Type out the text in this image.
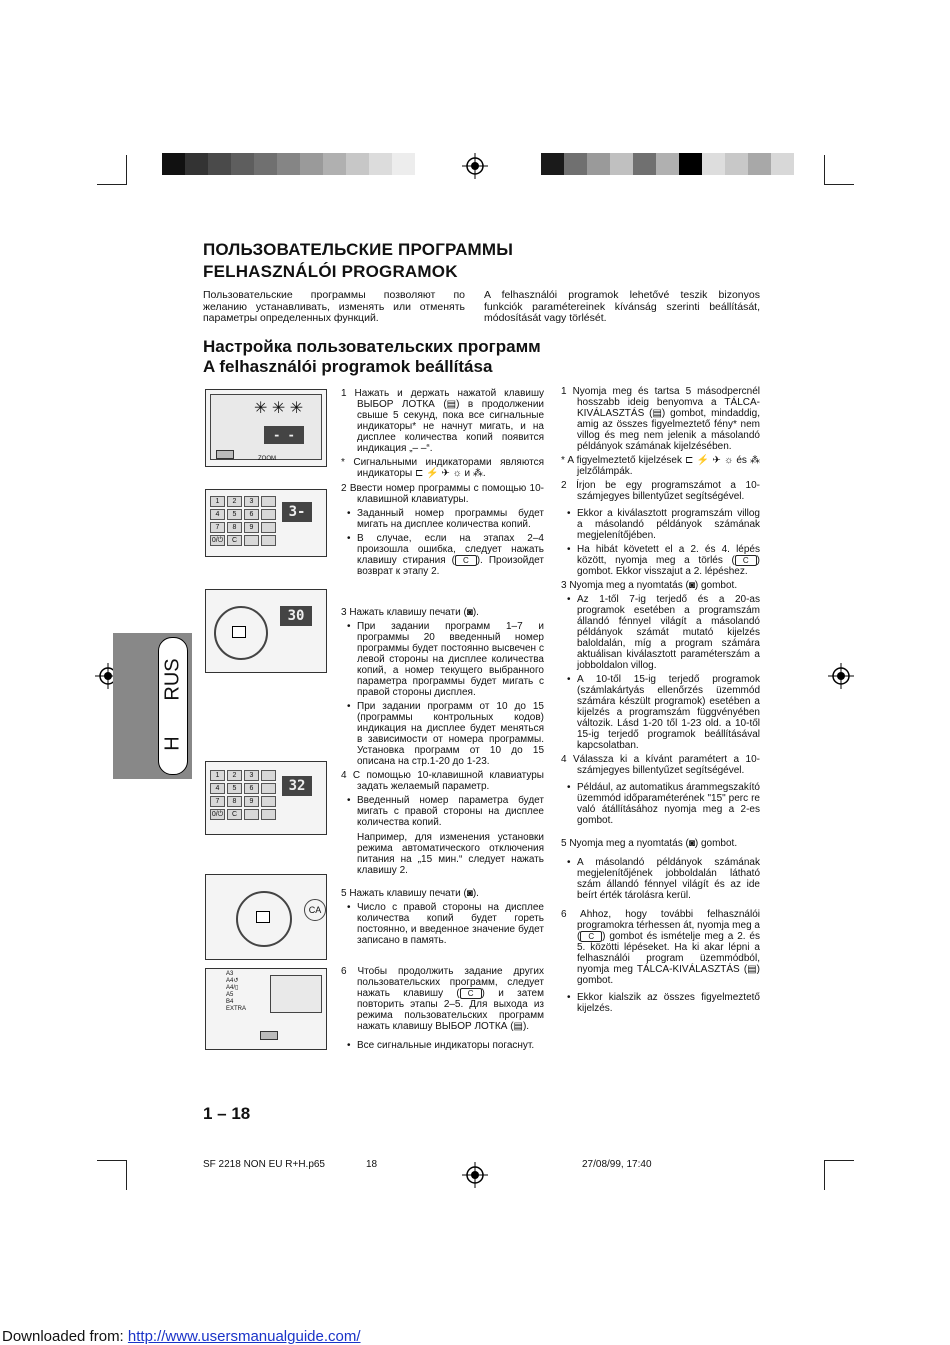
ПОЛЬЗОВАТЕЛЬСКИЕ ПРОГРАММЫ
FELHASZNÁLÓI PROGRAMOK
Пользовательские программы позволяют по желанию устанавливать, изменять или отменять параметры определенных функций.
A felhasználói programok lehetővé teszik bizonyos funkciók paramétereinek kívánság szerinti beállítását, módosítását vagy törlését.
Настройка пользовательских программ
A felhasználói programok beállítása
RUS
H
✳ ✳ ✳
- -
ZOOM
1	2	3
4	5	6
7	8	9
0/⏻	C
3-
30
1	2	3
4	5	6
7	8	9
0/⏻	C
32
CA
A3
A4↺
A4/▯
A5
B4
EXTRA

1 Нажать и держать нажатой клавишу ВЫБОР ЛОТКА (▤) в продолжении свыше 5 секунд, пока все сигнальные индикаторы* не начнут мигать, и на дисплее количества копий появится индикация „– –“.

* Сигнальными индикаторами являются индикаторы ⊏ ⚡ ✈ ☼ и ⁂.

2 Ввести номер программы с помощью 10-клавишной клавиатуры.

• Заданный номер программы будет мигать на дисплее количества копий.

• В случае, если на этапах 2–4 произошла ошибка, следует нажать клавишу стирания ( C ). Произойдет возврат к этапу 2.

3 Нажать клавишу печати (◙).

• При задании программ 1–7 и программы 20 введенный номер программы будет постоянно высвечен с левой стороны на дисплее количества копий, а номер текущего выбранного параметра программы будет мигать с правой стороны дисплея.

• При задании программ от 10 до 15 (программы контрольных кодов) индикация на дисплее будет меняться в зависимости от номера программы. Установка программ от 10 до 15 описана на стр.1-20 до 1-23.

4 С помощью 10-клавишной клавиатуры задать желаемый параметр.

• Введенный номер параметра будет мигать с правой стороны на дисплее количества копий.

Например, для изменения установки режима автоматического отключения питания на „15 мин.“ следует нажать клавишу 2.

5 Нажать клавишу печати (◙).

• Число с правой стороны на дисплее количества копий будет гореть постоянно, и введенное значение будет записано в память.

6 Чтобы продолжить задание других пользовательских программ, следует нажать клавишу ( C ) и затем повторить этапы 2–5. Для выхода из режима пользовательских программ нажать клавишу ВЫБОР ЛОТКА (▤).

• Все сигнальные индикаторы погаснут.

1 Nyomja meg és tartsa 5 másodpercnél hosszabb ideig benyomva a TÁLCA-KIVÁLASZTÁS (▤) gombot, mindaddig, amig az összes figyelmeztető fény* nem villog és meg nem jelenik a másolandó példányok számának kijelzésében.

* A figyelmeztető kijelzések ⊏ ⚡ ✈ ☼ és ⁂ jelzőlámpák.

2 Írjon be egy programszámot a 10-számjegyes billentyűzet segítségével.

• Ekkor a kiválasztott programszám villog a másolandó példányok számának megjelenítőjében.

• Ha hibát követett el a 2. és 4. lépés között, nyomja meg a törlés ( C ) gombot. Ekkor visszajut a 2. lépéshez.

3 Nyomja meg a nyomtatás (◙) gombot.

• Az 1-től 7-ig terjedő és a 20-as programok esetében a programszám állandó fénnyel világít a másolandó példányok számát mutató kijelzés baloldalán, míg a program számára aktuálisan kiválasztott paraméterszám a jobboldalon villog.

• A 10-től 15-ig terjedő programok (számlakártyás ellenőrzés üzemmód számára készült programok) esetében a kijelzés a programszám függvényében változik. Lásd 1-20 től 1-23 old. a 10-től 15-ig terjedő programok beállításával kapcsolatban.

4 Válassza ki a kívánt paramétert a 10-számjegyes billentyűzet segítségével.

• Például, az automatikus árammegszakító üzemmód időparaméterének "15" perc re való átállításához nyomja meg a 2-es gombot.

5 Nyomja meg a nyomtatás (◙) gombot.

• A másolandó példányok számának megjelenítőjének jobboldalán látható szám állandó fénnyel világít és az ide beírt érték tárolásra kerül.

6 Ahhoz, hogy további felhasználói programokra térhessen át, nyomja meg a ( C ) gombot és ismételje meg a 2. és 5. közötti lépéseket. Ha ki akar lépni a felhasználói program üzemmódból, nyomja meg TÁLCA-KIVÁLASZTÁS (▤) gombot.

• Ekkor kialszik az összes figyelmeztető kijelzés.

1 – 18
SF 2218 NON EU R+H.p65	18	27/08/99, 17:40
Downloaded from: http://www.usersmanualguide.com/
